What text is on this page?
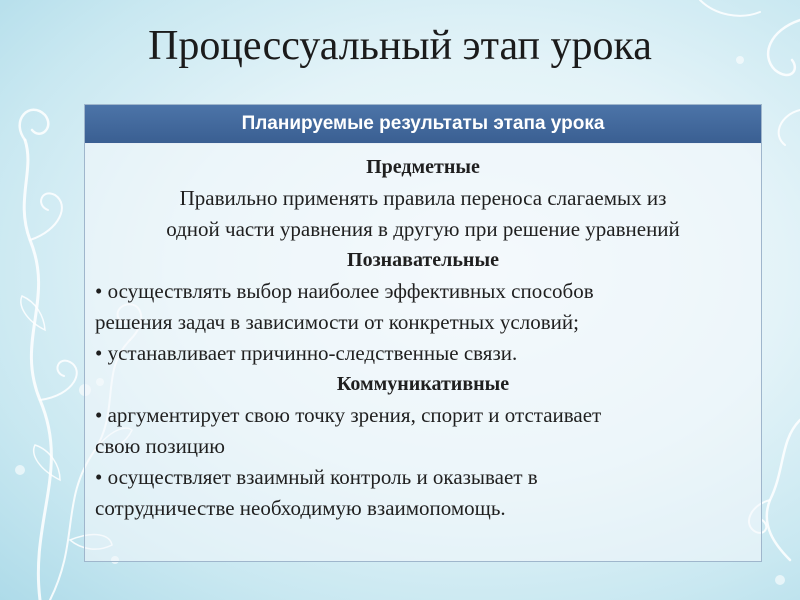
Процессуальный этап урока
Планируемые результаты этапа урока
Предметные
Правильно применять правила переноса слагаемых из
одной части уравнения в другую при решение уравнений
Познавательные
• осуществлять выбор наиболее эффективных способов
решения задач в зависимости от конкретных условий;
• устанавливает причинно-следственные связи.
Коммуникативные
• аргументирует свою точку зрения, спорит и отстаивает
свою позицию
• осуществляет взаимный контроль и оказывает в
сотрудничестве необходимую взаимопомощь.
